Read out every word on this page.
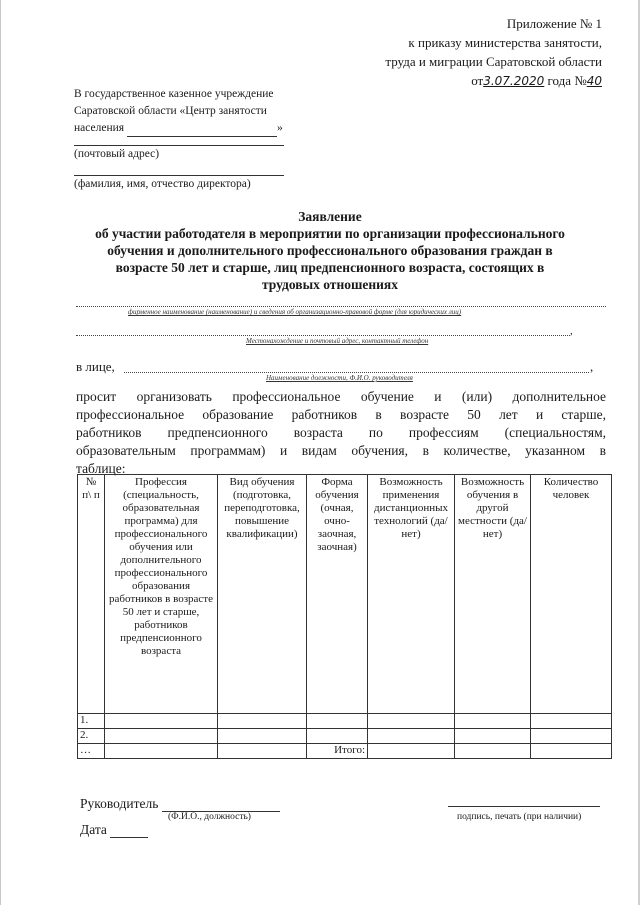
Приложение № 1
к приказу министерства занятости,
труда и миграции Саратовской области
от3.07.2020 года №40
В государственное казенное учреждение
Саратовской области «Центр занятости
населения	»
(почтовый адрес)
(фамилия, имя, отчество директора)
Заявление
об участии работодателя в мероприятии по организации профессионального
обучения и дополнительного профессионального образования граждан в
возрасте 50 лет и старше, лиц предпенсионного возраста, состоящих в
трудовых отношениях
фирменное наименование (наименование) и сведения об организационно-правовой форме (для юридических лиц)
,
Местонахождение и почтовый адрес, контактный телефон
в лице,	,
Наименование должности, Ф.И.О. руководителя
просит организовать профессиональное обучение и (или) дополнительное
профессиональное образование работников в возрасте 50 лет и старше,
работников предпенсионного возраста по профессиям (специальностям,
образовательным программам) и видам обучения, в количестве, указанном в
таблице:
№ п\ п	Профессия (специальность, образовательная программа) для профессионального обучения или дополнительного профессионального образования работников в возрасте 50 лет и старше, работников предпенсионного возраста	Вид обучения (подготовка, переподготовка, повышение квалификации)	Форма обучения (очная, очно-заочная, заочная)	Возможность применения дистанционных технологий (да/нет)	Возможность обучения в другой местности (да/нет)	Количество человек
1.						
2.						
…			Итого:			
Руководитель
(Ф.И.О., должность)	подпись, печать (при наличии)
Дата
